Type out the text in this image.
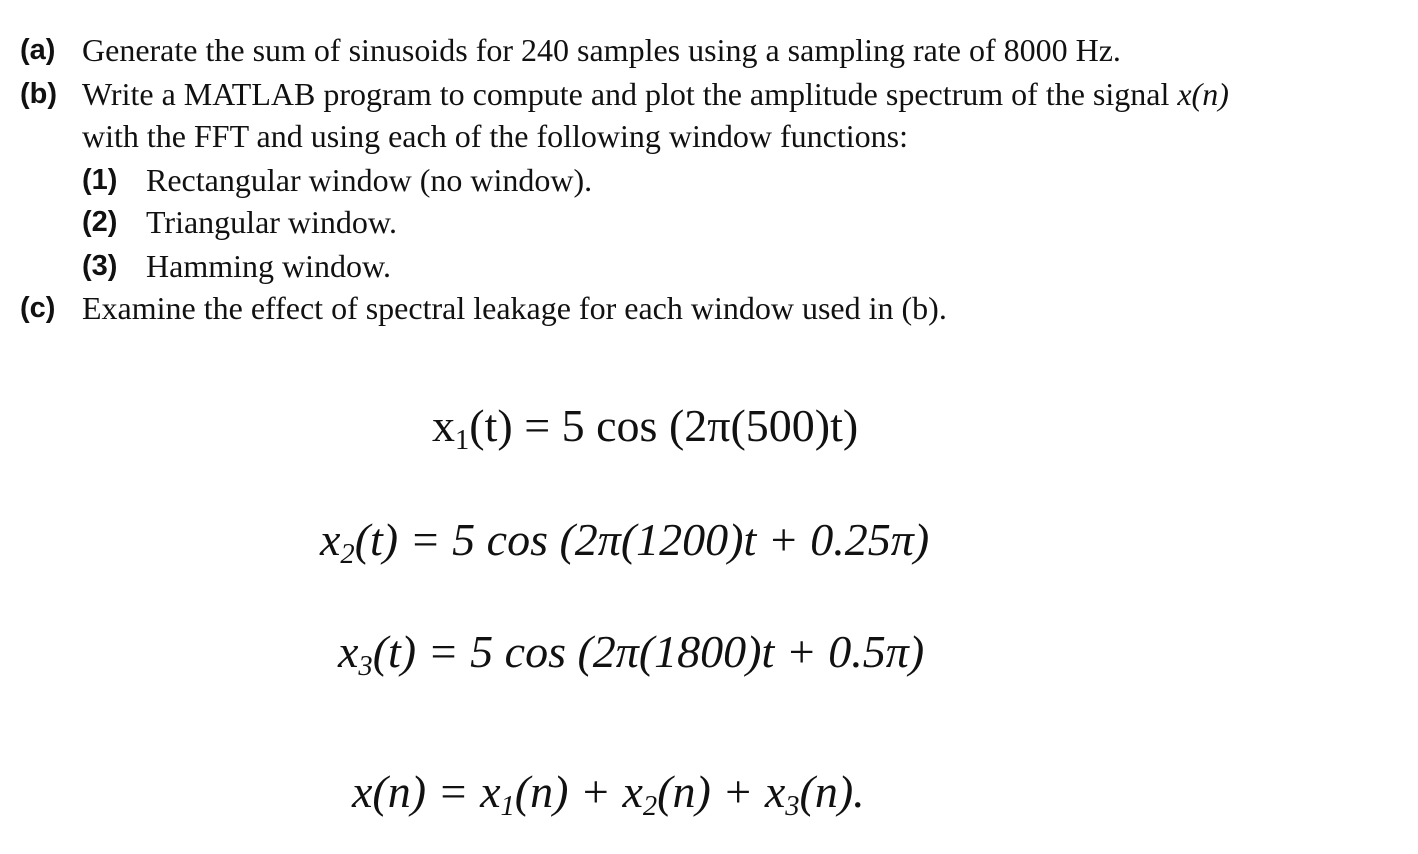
(a) Generate the sum of sinusoids for 240 samples using a sampling rate of 8000 Hz.
(b) Write a MATLAB program to compute and plot the amplitude spectrum of the signal x(n)
with the FFT and using each of the following window functions:
(1) Rectangular window (no window).
(2) Triangular window.
(3) Hamming window.
(c) Examine the effect of spectral leakage for each window used in (b).
$x_1(t) = 5$ cos (2π(500)t)
$x_2(t) = 5$ cos (2π(1200)t + 0.25π)
$x_3(t) = 5$ cos (2π(1800)t + 0.5π)
$x(n) = x_1(n) + x_2(n) + x_3(n)$.
